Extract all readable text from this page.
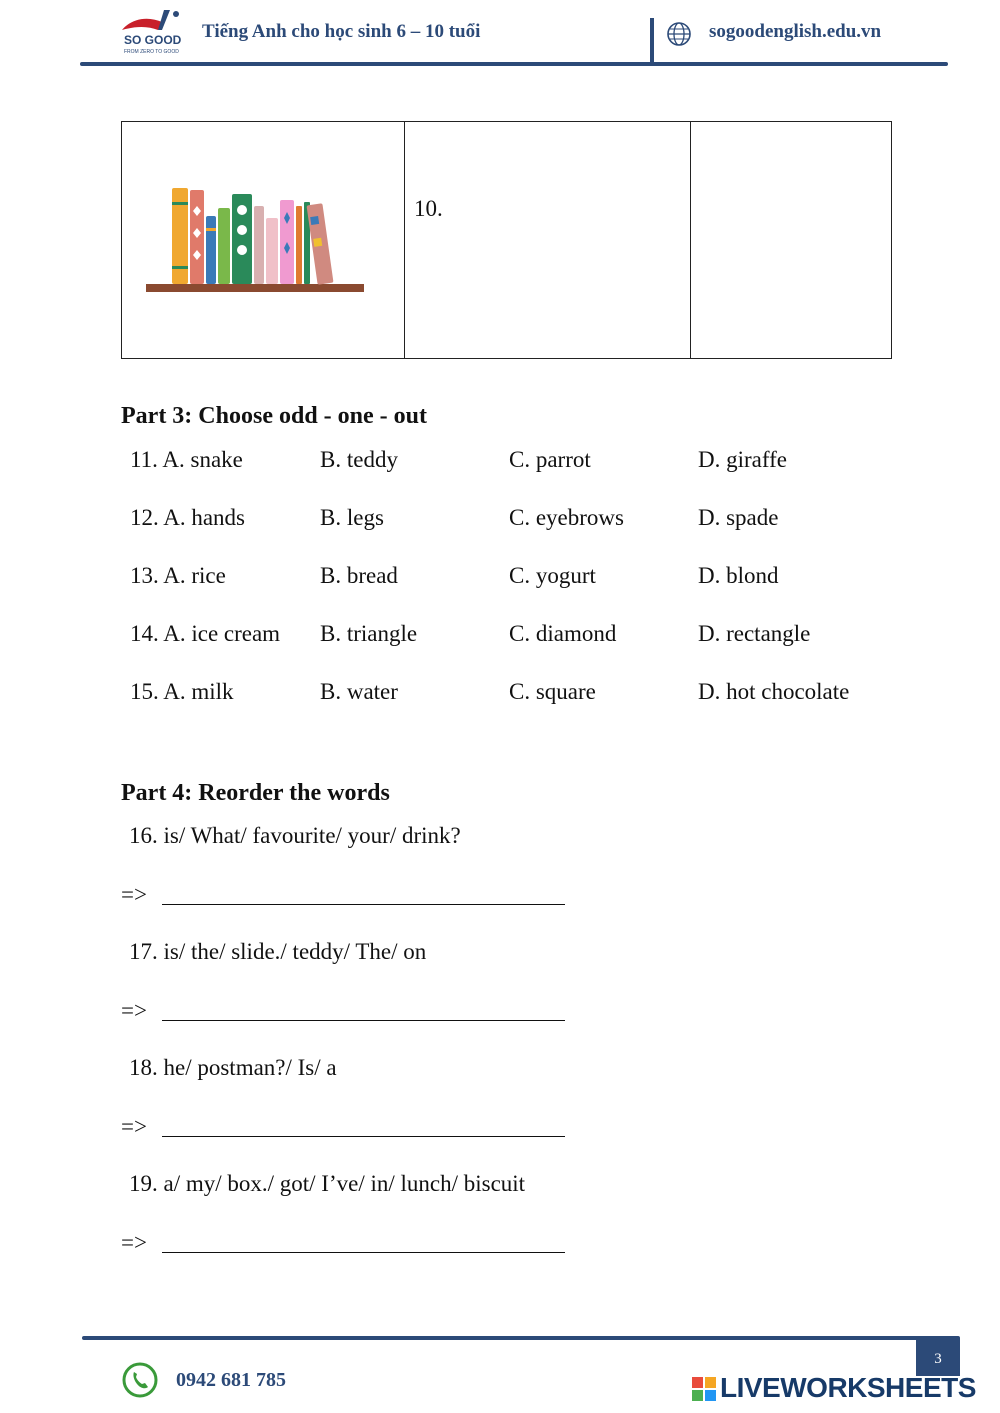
SO GOOD
FROM ZERO TO GOOD
Tiếng Anh cho học sinh 6 – 10 tuổi	sogoodenglish.edu.vn
10.
Part 3: Choose odd - one - out
11. A. snake	B. teddy	C. parrot	D. giraffe
12. A. hands	B. legs	C. eyebrows	D. spade
13. A. rice	B. bread	C. yogurt	D. blond
14. A. ice cream B. triangle	C. diamond	D. rectangle
15. A. milk	B. water	C. square	D. hot chocolate
Part 4: Reorder the words
16. is/ What/ favourite/ your/ drink?
=>
17. is/ the/ slide./ teddy/ The/ on
=>
18. he/ postman?/ Is/ a
=>
19. a/ my/ box./ got/ I’ve/ in/ lunch/ biscuit
=>
3
0942 681 785	LIVEWORKSHEETS
